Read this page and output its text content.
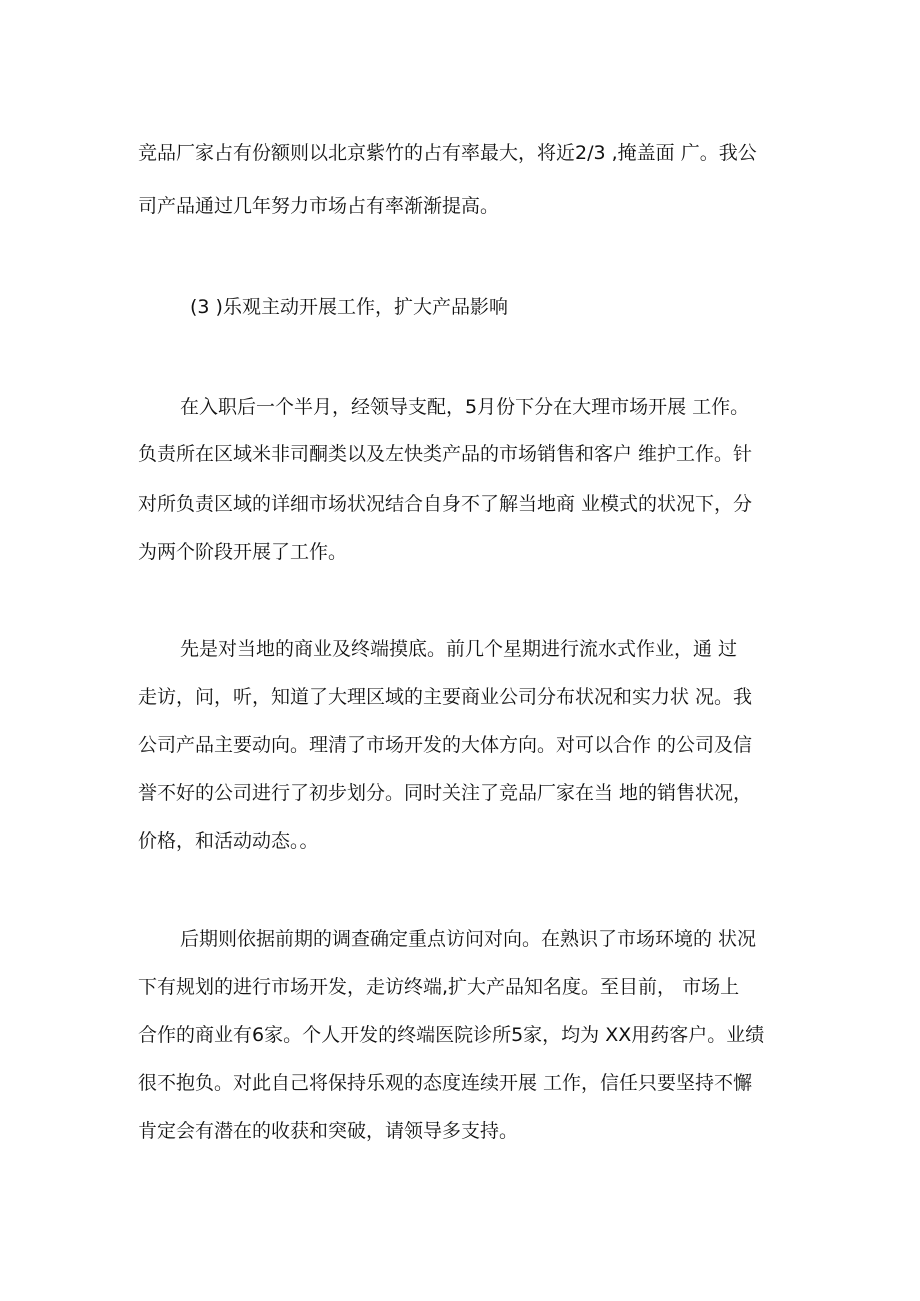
竞品厂家占有份额则以北京紫竹的占有率最大，将近2/3 ,掩盖面 广。我公
司产品通过几年努力市场占有率渐渐提高。
(3 )乐观主动开展工作，扩大产品影响
在入职后一个半月，经领导支配，5月份下分在大理市场开展 工作。
负责所在区域米非司酮类以及左快类产品的市场销售和客户 维护工作。针
对所负责区域的详细市场状况结合自身不了解当地商 业模式的状况下，分
为两个阶段开展了工作。
先是对当地的商业及终端摸底。前几个星期进行流水式作业，通 过
走访，问，听，知道了大理区域的主要商业公司分布状况和实力状 况。我
公司产品主要动向。理清了市场开发的大体方向。对可以合作 的公司及信
誉不好的公司进行了初步划分。同时关注了竞品厂家在当 地的销售状况，
价格，和活动动态。。
后期则依据前期的调查确定重点访问对向。在熟识了市场环境的 状况
下有规划的进行市场开发，走访终端,扩大产品知名度。至目前， 市场上
合作的商业有6家。个人开发的终端医院诊所5家，均为 XX用药客户。业绩
很不抱负。对此自己将保持乐观的态度连续开展 工作，信任只要坚持不懈
肯定会有潜在的收获和突破，请领导多支持。
